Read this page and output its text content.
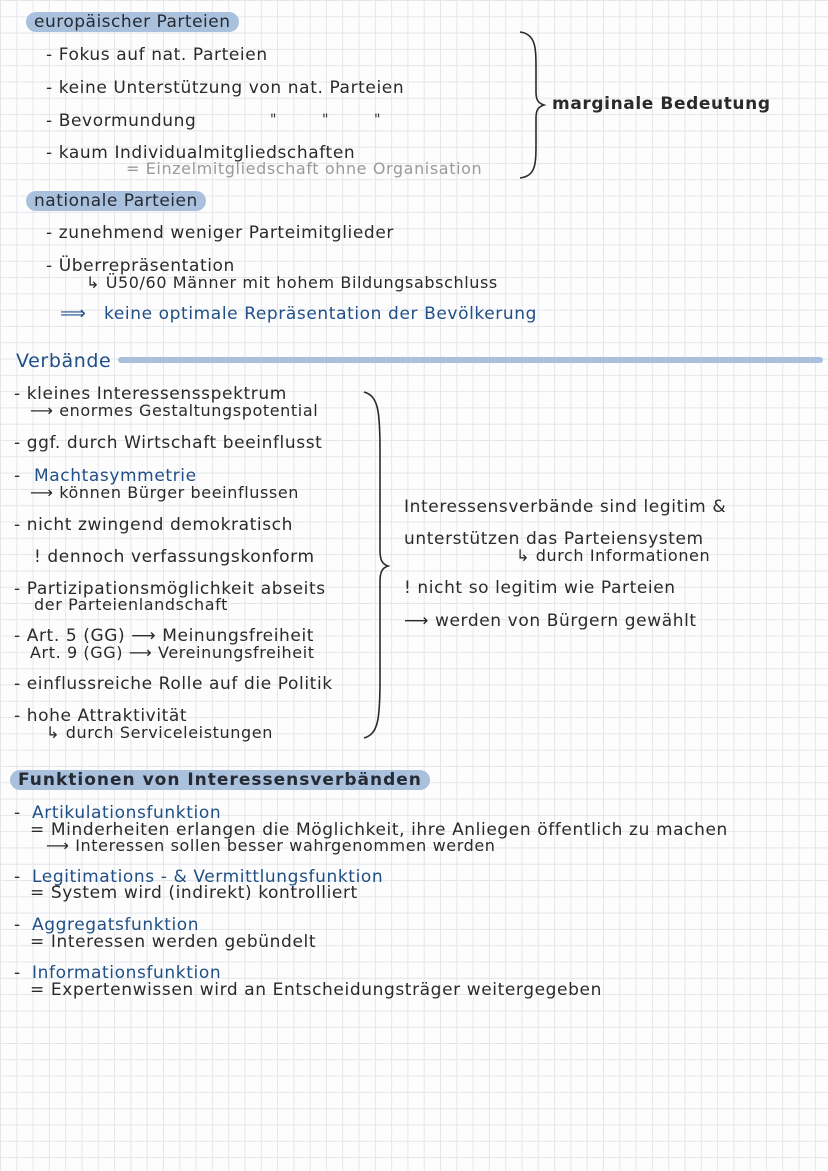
europäischer Parteien
- Fokus auf nat. Parteien
- keine Unterstützung von nat. Parteien
- Bevormundung	"	"	"
- kaum Individualmitgliedschaften
= Einzelmitgliedschaft ohne Organisation
marginale Bedeutung
nationale Parteien
- zunehmend weniger Parteimitglieder
- Überrepräsentation
↳ Ü50/60 Männer mit hohem Bildungsabschluss
⟹ keine optimale Repräsentation der Bevölkerung
Verbände
- kleines Interessensspektrum
⟶ enormes Gestaltungspotential
- ggf. durch Wirtschaft beeinflusst
- Machtasymmetrie
⟶ können Bürger beeinflussen
- nicht zwingend demokratisch
! dennoch verfassungskonform
- Partizipationsmöglichkeit abseits
der Parteienlandschaft
- Art. 5 (GG) ⟶ Meinungsfreiheit
Art. 9 (GG) ⟶ Vereinungsfreiheit
- einflussreiche Rolle auf die Politik
- hohe Attraktivität
↳ durch Serviceleistungen
Interessensverbände sind legitim &
unterstützen das Parteiensystem
↳ durch Informationen
! nicht so legitim wie Parteien
⟶ werden von Bürgern gewählt
Funktionen von Interessensverbänden
- Artikulationsfunktion
= Minderheiten erlangen die Möglichkeit, ihre Anliegen öffentlich zu machen
⟶ Interessen sollen besser wahrgenommen werden
- Legitimations - & Vermittlungsfunktion
= System wird (indirekt) kontrolliert
- Aggregatsfunktion
= Interessen werden gebündelt
- Informationsfunktion
= Expertenwissen wird an Entscheidungsträger weitergegeben
